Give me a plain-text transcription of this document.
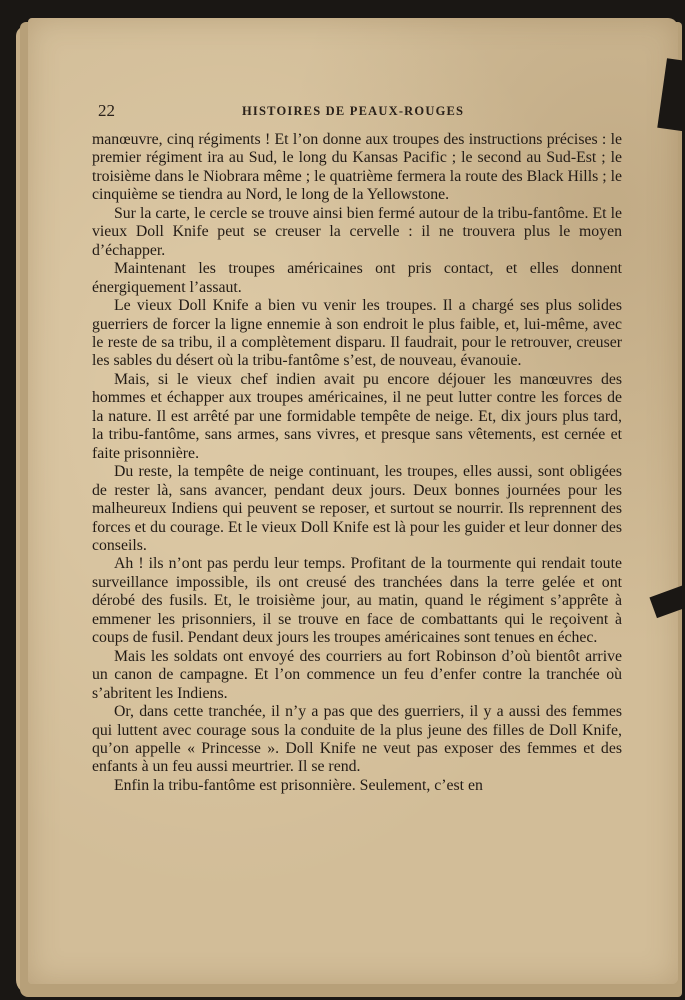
22	HISTOIRES DE PEAUX-ROUGES

manœuvre, cinq régiments ! Et l’on donne aux troupes des instructions précises : le premier régiment ira au Sud, le long du Kansas Pacific ; le second au Sud-Est ; le troisième dans le Niobrara même ; le quatrième fermera la route des Black Hills ; le cinquième se tiendra au Nord, le long de la Yellowstone.

Sur la carte, le cercle se trouve ainsi bien fermé autour de la tribu-fantôme. Et le vieux Doll Knife peut se creuser la cervelle : il ne trouvera plus le moyen d’échapper.

Maintenant les troupes américaines ont pris contact, et elles donnent énergiquement l’assaut.

Le vieux Doll Knife a bien vu venir les troupes. Il a chargé ses plus solides guerriers de forcer la ligne ennemie à son endroit le plus faible, et, lui-même, avec le reste de sa tribu, il a complètement disparu. Il faudrait, pour le retrouver, creuser les sables du désert où la tribu-fantôme s’est, de nouveau, évanouie.

Mais, si le vieux chef indien avait pu encore déjouer les manœuvres des hommes et échapper aux troupes américaines, il ne peut lutter contre les forces de la nature. Il est arrêté par une formidable tempête de neige. Et, dix jours plus tard, la tribu-fantôme, sans armes, sans vivres, et presque sans vêtements, est cernée et faite prisonnière.

Du reste, la tempête de neige continuant, les troupes, elles aussi, sont obligées de rester là, sans avancer, pendant deux jours. Deux bonnes journées pour les malheureux Indiens qui peuvent se reposer, et surtout se nourrir. Ils reprennent des forces et du courage. Et le vieux Doll Knife est là pour les guider et leur donner des conseils.

Ah ! ils n’ont pas perdu leur temps. Profitant de la tourmente qui rendait toute surveillance impossible, ils ont creusé des tranchées dans la terre gelée et ont dérobé des fusils. Et, le troisième jour, au matin, quand le régiment s’apprête à emmener les prisonniers, il se trouve en face de combattants qui le reçoivent à coups de fusil. Pendant deux jours les troupes américaines sont tenues en échec.

Mais les soldats ont envoyé des courriers au fort Robinson d’où bientôt arrive un canon de campagne. Et l’on commence un feu d’enfer contre la tranchée où s’abritent les Indiens.

Or, dans cette tranchée, il n’y a pas que des guerriers, il y a aussi des femmes qui luttent avec courage sous la conduite de la plus jeune des filles de Doll Knife, qu’on appelle « Princesse ». Doll Knife ne veut pas exposer des femmes et des enfants à un feu aussi meurtrier. Il se rend.

Enfin la tribu-fantôme est prisonnière. Seulement, c’est en
